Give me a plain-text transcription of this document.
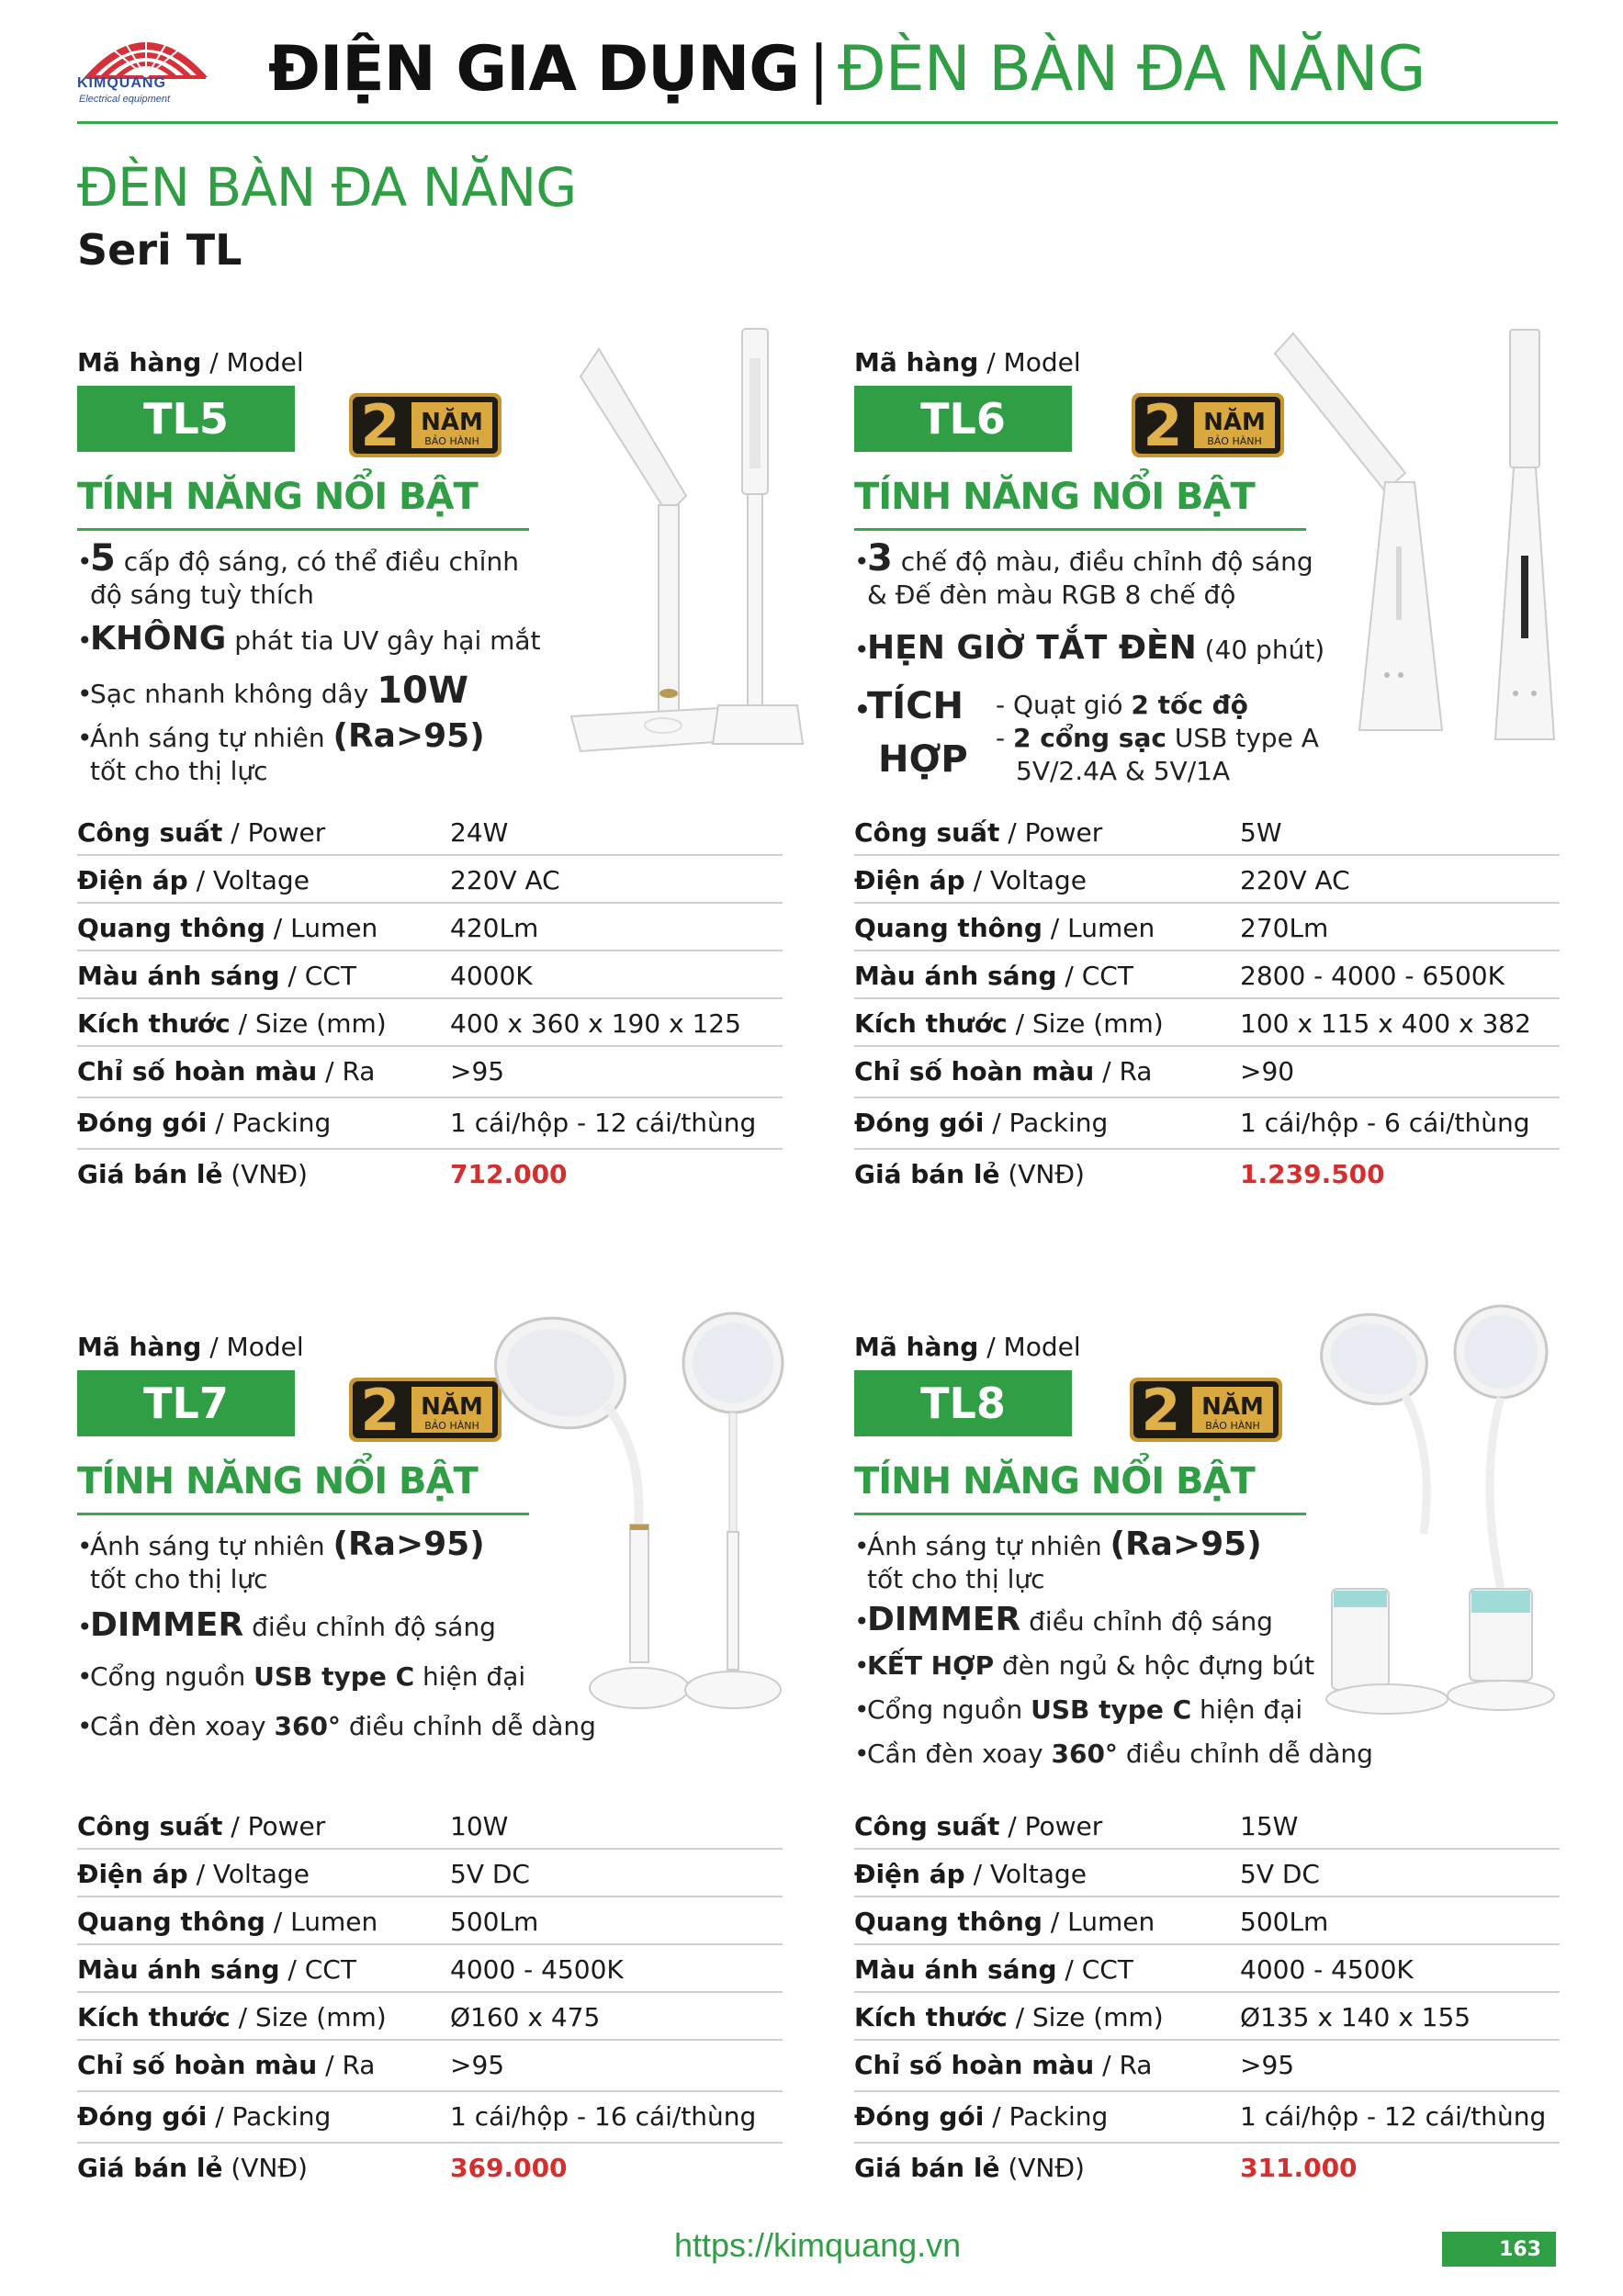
KIMQUANG
Electrical equipment ĐIỆN GIA DỤNG | ĐÈN BÀN ĐA NĂNG
ĐÈN BÀN ĐA NĂNG
Seri TL
Mã hàng / Model
TL5	2 NĂM
BẢO HÀNH
TÍNH NĂNG NỔI BẬT
•5 cấp độ sáng, có thể điều chỉnh
độ sáng tuỳ thích
•KHÔNG phát tia UV gây hại mắt
•Sạc nhanh không dây 10W
•Ánh sáng tự nhiên (Ra>95)
tốt cho thị lực
Công suất / Power	24W
Điện áp / Voltage	220V AC
Quang thông / Lumen	420Lm
Màu ánh sáng / CCT	4000K
Kích thước / Size (mm) 400 x 360 x 190 x 125
Chỉ số hoàn màu / Ra	>95
Đóng gói / Packing	1 cái/hộp - 12 cái/thùng
Giá bán lẻ (VNĐ)	712.000
Mã hàng / Model
TL6	2 NĂM
BẢO HÀNH
TÍNH NĂNG NỔI BẬT
•3 chế độ màu, điều chỉnh độ sáng
& Đế đèn màu RGB 8 chế độ
•HẸN GIỜ TẮT ĐÈN (40 phút)
•TÍCH
HỢP
- Quạt gió 2 tốc độ
- 2 cổng sạc USB type A
5V/2.4A & 5V/1A
Công suất / Power	5W
Điện áp / Voltage	220V AC
Quang thông / Lumen	270Lm
Màu ánh sáng / CCT	2800 - 4000 - 6500K
Kích thước / Size (mm)	100 x 115 x 400 x 382
Chỉ số hoàn màu / Ra	>90
Đóng gói / Packing	1 cái/hộp - 6 cái/thùng
Giá bán lẻ (VNĐ)	1.239.500
Mã hàng / Model
TL7	2 NĂM
BẢO HÀNH
TÍNH NĂNG NỔI BẬT
•Ánh sáng tự nhiên (Ra>95)
tốt cho thị lực
•DIMMER điều chỉnh độ sáng
•Cổng nguồn USB type C hiện đại
•Cần đèn xoay 360° điều chỉnh dễ dàng
Công suất / Power	10W
Điện áp / Voltage	5V DC
Quang thông / Lumen	500Lm
Màu ánh sáng / CCT	4000 - 4500K
Kích thước / Size (mm) Ø160 x 475
Chỉ số hoàn màu / Ra	>95
Đóng gói / Packing	1 cái/hộp - 16 cái/thùng
Giá bán lẻ (VNĐ)	369.000
Mã hàng / Model
TL8	2 NĂM
BẢO HÀNH
TÍNH NĂNG NỔI BẬT
•Ánh sáng tự nhiên (Ra>95)
tốt cho thị lực
•DIMMER điều chỉnh độ sáng
•KẾT HỢP đèn ngủ & hộc đựng bút
•Cổng nguồn USB type C hiện đại
•Cần đèn xoay 360° điều chỉnh dễ dàng
Công suất / Power	15W
Điện áp / Voltage	5V DC
Quang thông / Lumen	500Lm
Màu ánh sáng / CCT	4000 - 4500K
Kích thước / Size (mm)	Ø135 x 140 x 155
Chỉ số hoàn màu / Ra	>95
Đóng gói / Packing	1 cái/hộp - 12 cái/thùng
Giá bán lẻ (VNĐ)	311.000
https://kimquang.vn	163
